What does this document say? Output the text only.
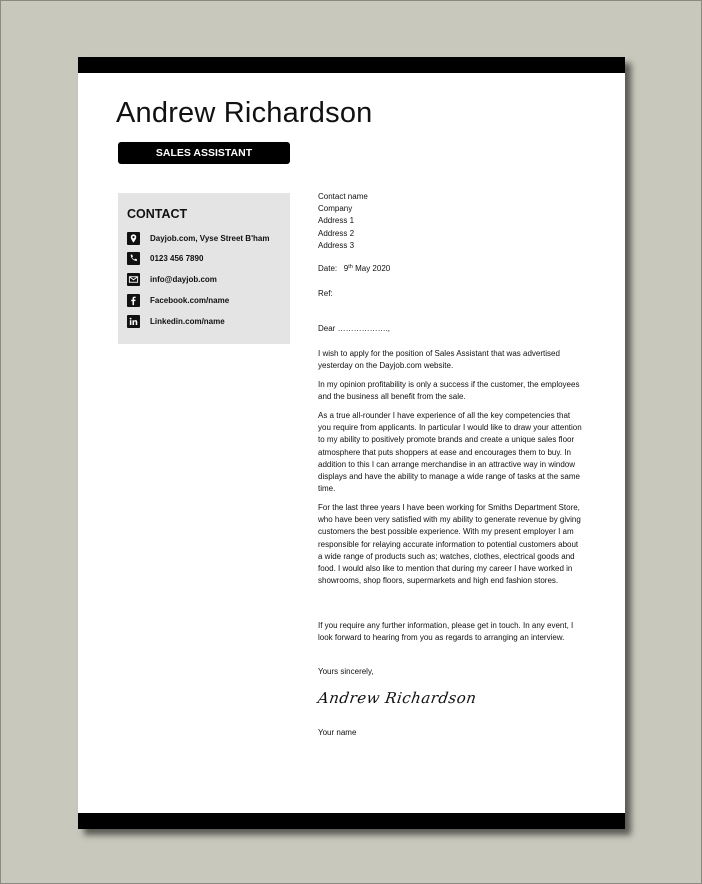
Andrew Richardson
SALES ASSISTANT
CONTACT
Dayjob.com, Vyse Street B'ham
0123 456 7890
info@dayjob.com
Facebook.com/name
Linkedin.com/name
Contact name
Company
Address 1
Address 2
Address 3
Date: 9th May 2020
Ref:
Dear ……………….,

I wish to apply for the position of Sales Assistant that was advertised yesterday on the Dayjob.com website.

In my opinion profitability is only a success if the customer, the employees and the business all benefit from the sale.

As a true all-rounder I have experience of all the key competencies that you require from applicants. In particular I would like to draw your attention to my ability to positively promote brands and create a unique sales floor atmosphere that puts shoppers at ease and encourages them to buy. In addition to this I can arrange merchandise in an attractive way in window displays and have the ability to manage a wide range of tasks at the same time.

For the last three years I have been working for Smiths Department Store, who have been very satisfied with my ability to generate revenue by giving customers the best possible experience. With my present employer I am responsible for relaying accurate information to potential customers about a wide range of products such as; watches, clothes, electrical goods and food. I would also like to mention that during my career I have worked in showrooms, shop floors, supermarkets and high end fashion stores.

If you require any further information, please get in touch. In any event, I look forward to hearing from you as regards to arranging an interview.

Yours sincerely,
Andrew Richardson
Your name
